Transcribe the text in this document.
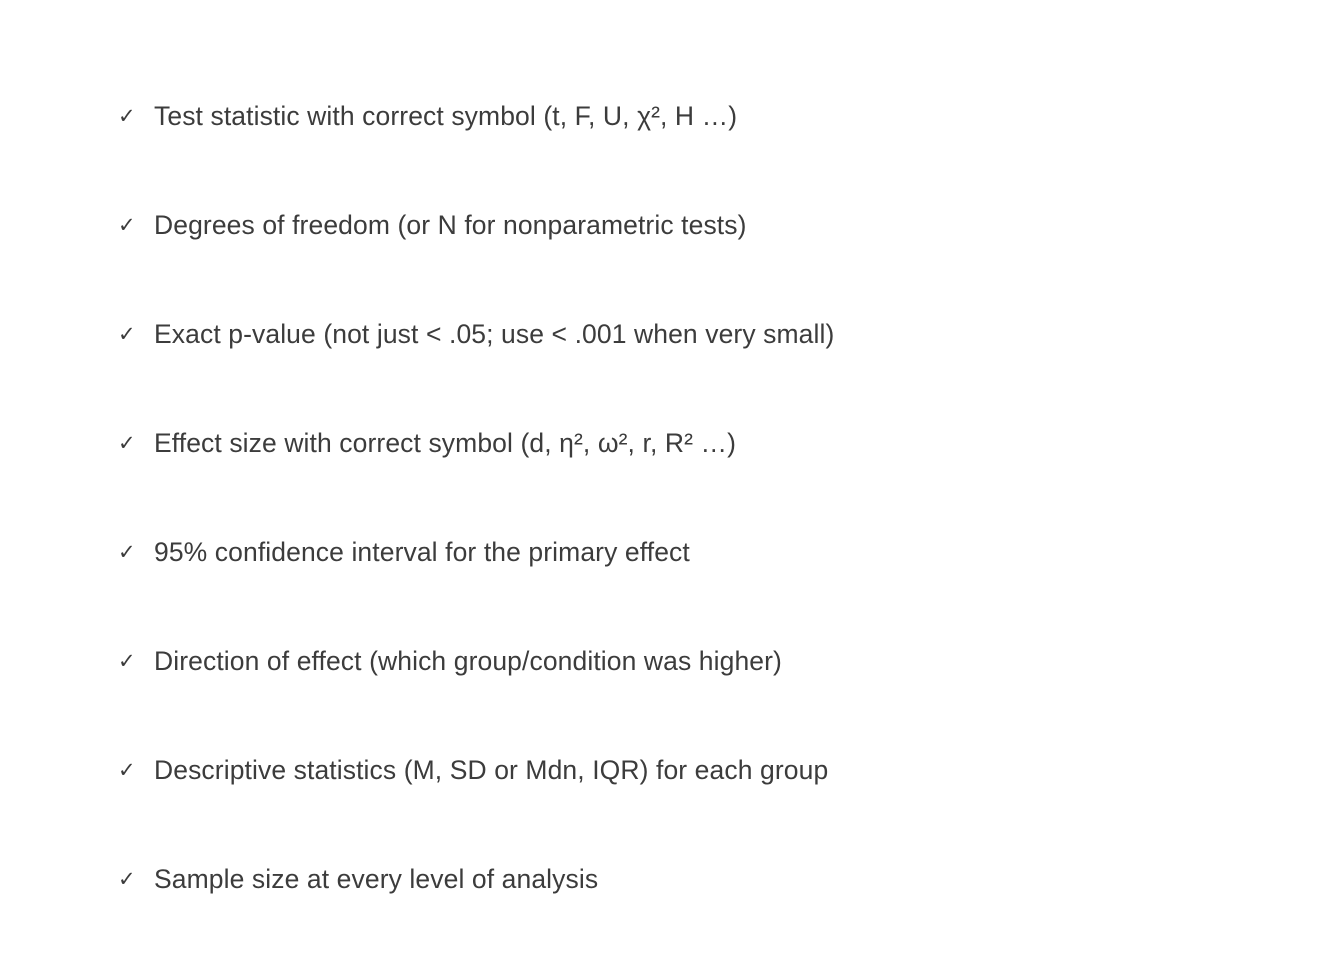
✓ Test statistic with correct symbol (t, F, U, χ², H …)
✓ Degrees of freedom (or N for nonparametric tests)
✓ Exact p-value (not just < .05; use < .001 when very small)
✓ Effect size with correct symbol (d, η², ω², r, R² …)
✓ 95% confidence interval for the primary effect
✓ Direction of effect (which group/condition was higher)
✓ Descriptive statistics (M, SD or Mdn, IQR) for each group
✓ Sample size at every level of analysis
